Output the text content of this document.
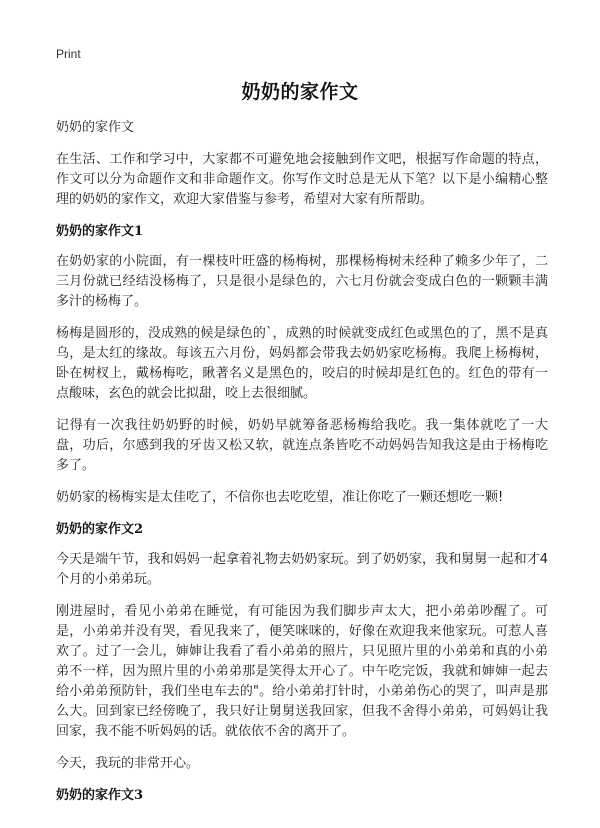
Print
奶奶的家作文
奶奶的家作文

在生活、工作和学习中，大家都不可避免地会接触到作文吧，根据写作命题的特点，作文可以分为命题作文和非命题作文。你写作文时总是无从下笔？以下是小编精心整理的奶奶的家作文，欢迎大家借鉴与参考，希望对大家有所帮助。

奶奶的家作文1

在奶奶家的小院面，有一棵枝叶旺盛的杨梅树，那棵杨梅树未经种了赖多少年了，二三月份就已经结没杨梅了，只是很小是绿色的，六七月份就会变成白色的一颗颗丰满多汁的杨梅了。

杨梅是圆形的，没成熟的候是绿色的`，成熟的时候就变成红色或黑色的了，黑不是真乌，是太红的缘故。每该五六月份，妈妈都会带我去奶奶家吃杨梅。我爬上杨梅树，卧在树杈上，戴杨梅吃，瞅著名义是黑色的，咬启的时候却是红色的。红色的带有一点酸味，玄色的就会比拟甜，咬上去很细腻。

记得有一次我往奶奶野的时候，奶奶早就筹备恶杨梅给我吃。我一集体就吃了一大盘，功后，尔感到我的牙齿又松又软，就连点条皆吃不动妈妈告知我这是由于杨梅吃多了。

奶奶家的杨梅实是太佳吃了，不信你也去吃吃望，准让你吃了一颗还想吃一颗!

奶奶的家作文2

今天是端午节，我和妈妈一起拿着礼物去奶奶家玩。到了奶奶家，我和舅舅一起和才4个月的小弟弟玩。

刚进屋时，看见小弟弟在睡觉，有可能因为我们脚步声太大，把小弟弟吵醒了。可是，小弟弟并没有哭，看见我来了，便笑咪咪的，好像在欢迎我来他家玩。可惹人喜欢了。过了一会儿，婶婶让我看了看小弟弟的照片，只见照片里的小弟弟和真的小弟弟不一样，因为照片里的小弟弟那是笑得太开心了。中午吃完饭，我就和婶婶一起去给小弟弟预防针，我们坐电车去的"。给小弟弟打针时，小弟弟伤心的哭了，叫声是那么大。回到家已经傍晚了，我只好让舅舅送我回家，但我不舍得小弟弟，可妈妈让我回家，我不能不听妈妈的话。就依依不舍的离开了。

今天，我玩的非常开心。

奶奶的家作文3
